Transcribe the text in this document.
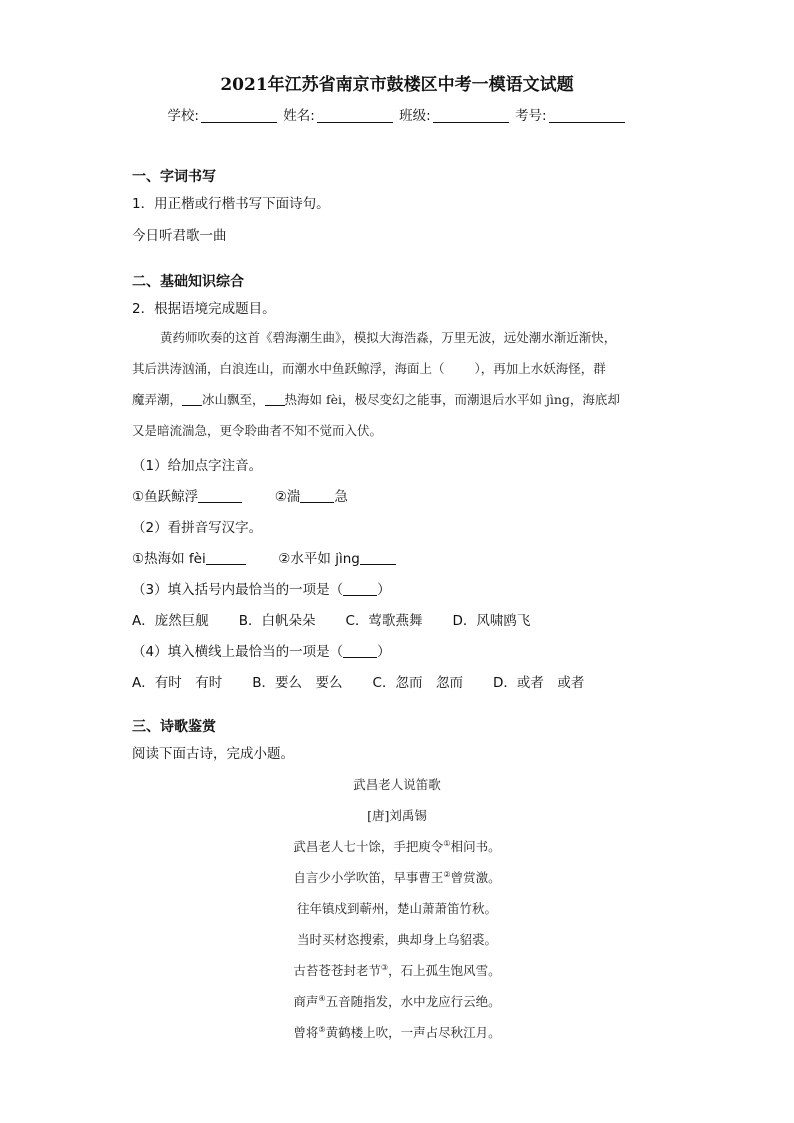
2021年江苏省南京市鼓楼区中考一模语文试题
学校:	姓名:	班级:	考号:
一、字词书写
1．用正楷或行楷书写下面诗句。
今日听君歌一曲
二、基础知识综合
2．根据语境完成题目。
黄药师吹奏的这首《碧海潮生曲》，模拟大海浩淼，万里无波，远处潮水渐近渐快，
其后洪涛汹涌，白浪连山，而潮水中鱼跃鲸浮，海面上（ ），再加上水妖海怪，群
魔弄潮， 冰山飘至， 热海如 fèi，极尽变幻之能事，而潮退后水平如 jìng，海底却
又是暗流湍急，更令聆曲者不知不觉而入伏。
（1）给加点字注音。
①鱼跃鲸浮	②湍	急
（2）看拼音写汉字。
①热海如 fèi	②水平如 jìng
（3）填入括号内最恰当的一项是（	）
A．庞然巨舰 B．白帆朵朵 C．莺歌燕舞 D．风啸鸥飞
（4）填入横线上最恰当的一项是（	）
A．有时　有时 B．要么　要么 C．忽而　忽而 D．或者　或者
三、诗歌鉴赏
阅读下面古诗，完成小题。
武昌老人说笛歌
[唐]刘禹锡
武昌老人七十馀，手把庾令①相问书。
自言少小学吹笛，早事曹王②曾赏激。
往年镇戍到蕲州，楚山萧萧笛竹秋。
当时买材恣搜索，典却身上乌貂裘。
古苔苍苍封老节③，石上孤生饱风雪。
商声④五音随指发，水中龙应行云绝。
曾将⑤黄鹤楼上吹，一声占尽秋江月。
